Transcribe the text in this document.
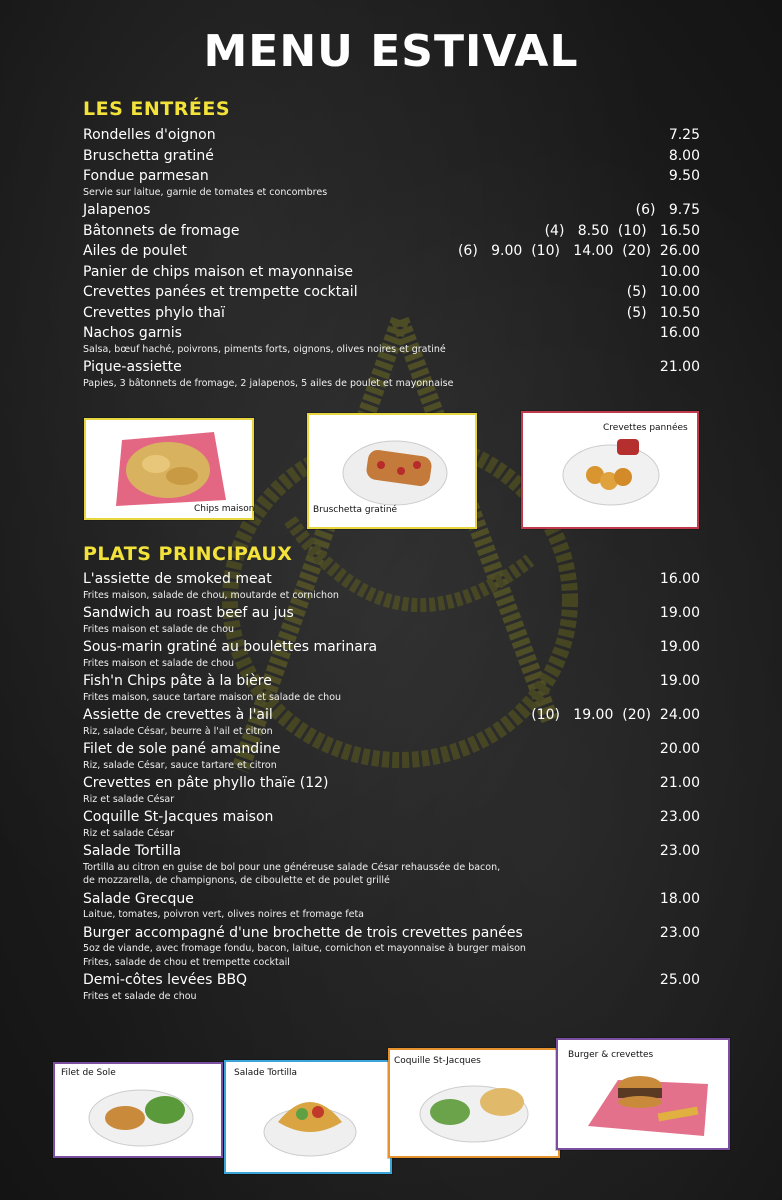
MENU ESTIVAL
LES ENTRÉES
Rondelles d'oignon	7.25
Bruschetta gratiné	8.00
Fondue parmesan	9.50
Servie sur laitue, garnie de tomates et concombres
Jalapenos	(6)   9.75
Bâtonnets de fromage	(4)   8.50  (10)   16.50
Ailes de poulet	(6)   9.00  (10)   14.00  (20)  26.00
Panier de chips maison et mayonnaise	10.00
Crevettes panées et trempette cocktail	(5)   10.00
Crevettes phylo thaï	(5)   10.50
Nachos garnis	16.00
Salsa, bœuf haché, poivrons, piments forts, oignons, olives noires et gratiné
Pique-assiette	21.00
Papies, 3 bâtonnets de fromage, 2 jalapenos, 5 ailes de poulet et mayonnaise
Chips maison	Bruschetta gratiné
Crevettes pannées
PLATS PRINCIPAUX
L'assiette de smoked meat	16.00
Frites maison, salade de chou, moutarde et cornichon
Sandwich au roast beef au jus	19.00
Frites maison et salade de chou
Sous-marin gratiné au boulettes marinara	19.00
Frites maison et salade de chou
Fish'n Chips pâte à la bière	19.00
Frites maison, sauce tartare maison et salade de chou
Assiette de crevettes à l'ail	(10)   19.00  (20)  24.00
Riz, salade César, beurre à l'ail et citron
Filet de sole pané amandine	20.00
Riz, salade César, sauce tartare et citron
Crevettes en pâte phyllo thaïe (12)	21.00
Riz et salade César
Coquille St-Jacques maison	23.00
Riz et salade César
Salade Tortilla	23.00
Tortilla au citron en guise de bol pour une généreuse salade César rehaussée de bacon,
de mozzarella, de champignons, de ciboulette et de poulet grillé
Salade Grecque	18.00
Laitue, tomates, poivron vert, olives noires et fromage feta
Burger accompagné d'une brochette de trois crevettes panées	23.00
5oz de viande, avec fromage fondu, bacon, laitue, cornichon et mayonnaise à burger maison
Frites, salade de chou et trempette cocktail
Demi-côtes levées BBQ	25.00
Frites et salade de chou
Filet de Sole	Salade Tortilla
Coquille St-Jacques
Burger & crevettes
